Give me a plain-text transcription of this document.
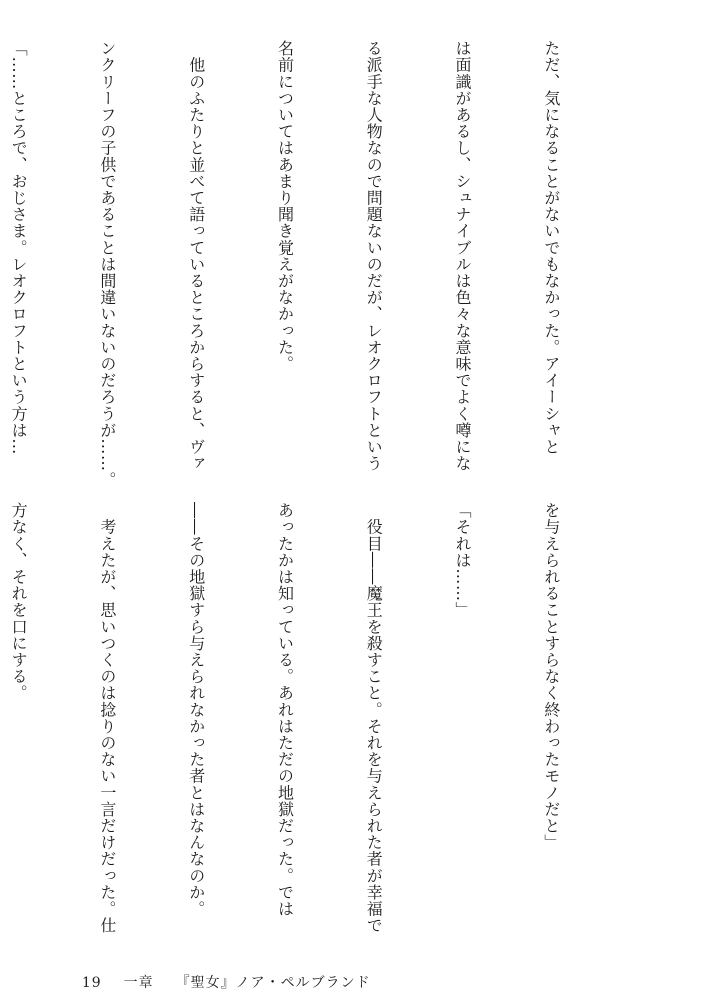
ただ、気になることがないでもなかった。アイーシャと

は面識があるし、シュナイブルは色々な意味でよく噂にな

る派手な人物なので問題ないのだが、レオクロフトという

名前についてはあまり聞き覚えがなかった。

　他のふたりと並べて語っているところからすると、ヴァ

ンクリーフの子供であることは間違いないのだろうが……。

「……ところで、おじさま。レオクロフトという方は…

を与えられることすらなく終わったモノだと」

「それは……」

　役目――魔王を殺すこと。それを与えられた者が幸福で

あったかは知っている。あれはただの地獄だった。では

――その地獄すら与えられなかった者とはなんなのか。

　考えたが、思いつくのは捻りのない一言だけだった。仕

方なく、それを口にする。

19 一章 『聖女』ノア・ペルブランド
